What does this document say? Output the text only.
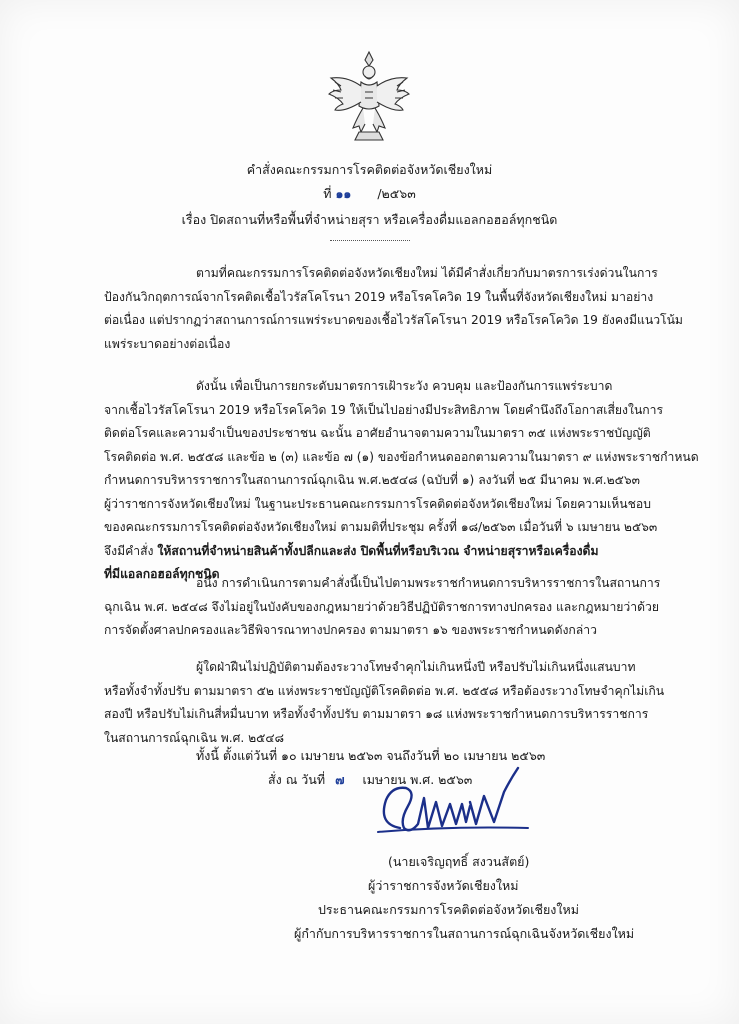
คำสั่งคณะกรรมการโรคติดต่อจังหวัดเชียงใหม่
ที่ ๑๑ /๒๕๖๓
เรื่อง ปิดสถานที่หรือพื้นที่จำหน่ายสุรา หรือเครื่องดื่มแอลกอฮอล์ทุกชนิด

ตามที่คณะกรรมการโรคติดต่อจังหวัดเชียงใหม่ ได้มีคำสั่งเกี่ยวกับมาตรการเร่งด่วนในการ

ป้องกันวิกฤตการณ์จากโรคติดเชื้อไวรัสโคโรนา 2019 หรือโรคโควิด 19 ในพื้นที่จังหวัดเชียงใหม่ มาอย่าง

ต่อเนื่อง แต่ปรากฏว่าสถานการณ์การแพร่ระบาดของเชื้อไวรัสโคโรนา 2019 หรือโรคโควิด 19 ยังคงมีแนวโน้ม

แพร่ระบาดอย่างต่อเนื่อง

ดังนั้น เพื่อเป็นการยกระดับมาตรการเฝ้าระวัง ควบคุม และป้องกันการแพร่ระบาด

จากเชื้อไวรัสโคโรนา 2019 หรือโรคโควิด 19 ให้เป็นไปอย่างมีประสิทธิภาพ โดยคำนึงถึงโอกาสเสี่ยงในการ

ติดต่อโรคและความจำเป็นของประชาชน ฉะนั้น อาศัยอำนาจตามความในมาตรา ๓๕ แห่งพระราชบัญญัติ

โรคติดต่อ พ.ศ. ๒๕๕๘ และข้อ ๒ (๓) และข้อ ๗ (๑) ของข้อกำหนดออกตามความในมาตรา ๙ แห่งพระราชกำหนด

กำหนดการบริหารราชการในสถานการณ์ฉุกเฉิน พ.ศ.๒๕๔๘ (ฉบับที่ ๑) ลงวันที่ ๒๕ มีนาคม พ.ศ.๒๕๖๓

ผู้ว่าราชการจังหวัดเชียงใหม่ ในฐานะประธานคณะกรรมการโรคติดต่อจังหวัดเชียงใหม่ โดยความเห็นชอบ

ของคณะกรรมการโรคติดต่อจังหวัดเชียงใหม่ ตามมติที่ประชุม ครั้งที่ ๑๘/๒๕๖๓ เมื่อวันที่ ๖ เมษายน ๒๕๖๓

จึงมีคำสั่ง ให้สถานที่จำหน่ายสินค้าทั้งปลีกและส่ง ปิดพื้นที่หรือบริเวณ จำหน่ายสุราหรือเครื่องดื่ม

ที่มีแอลกอฮอล์ทุกชนิด

อนึ่ง การดำเนินการตามคำสั่งนี้เป็นไปตามพระราชกำหนดการบริหารราชการในสถานการ

ฉุกเฉิน พ.ศ. ๒๕๔๘ จึงไม่อยู่ในบังคับของกฎหมายว่าด้วยวิธีปฏิบัติราชการทางปกครอง และกฎหมายว่าด้วย

การจัดตั้งศาลปกครองและวิธีพิจารณาทางปกครอง ตามมาตรา ๑๖ ของพระราชกำหนดดังกล่าว

ผู้ใดฝ่าฝืนไม่ปฏิบัติตามต้องระวางโทษจำคุกไม่เกินหนึ่งปี หรือปรับไม่เกินหนึ่งแสนบาท

หรือทั้งจำทั้งปรับ ตามมาตรา ๕๒ แห่งพระราชบัญญัติโรคติดต่อ พ.ศ. ๒๕๕๘ หรือต้องระวางโทษจำคุกไม่เกิน

สองปี หรือปรับไม่เกินสี่หมื่นบาท หรือทั้งจำทั้งปรับ ตามมาตรา ๑๘ แห่งพระราชกำหนดการบริหารราชการ

ในสถานการณ์ฉุกเฉิน พ.ศ. ๒๕๔๘

ทั้งนี้ ตั้งแต่วันที่ ๑๐ เมษายน ๒๕๖๓ จนถึงวันที่ ๒๐ เมษายน ๒๕๖๓
สั่ง ณ วันที่ ๗ เมษายน พ.ศ. ๒๕๖๓
(นายเจริญฤทธิ์ สงวนสัตย์)
ผู้ว่าราชการจังหวัดเชียงใหม่
ประธานคณะกรรมการโรคติดต่อจังหวัดเชียงใหม่
ผู้กำกับการบริหารราชการในสถานการณ์ฉุกเฉินจังหวัดเชียงใหม่
